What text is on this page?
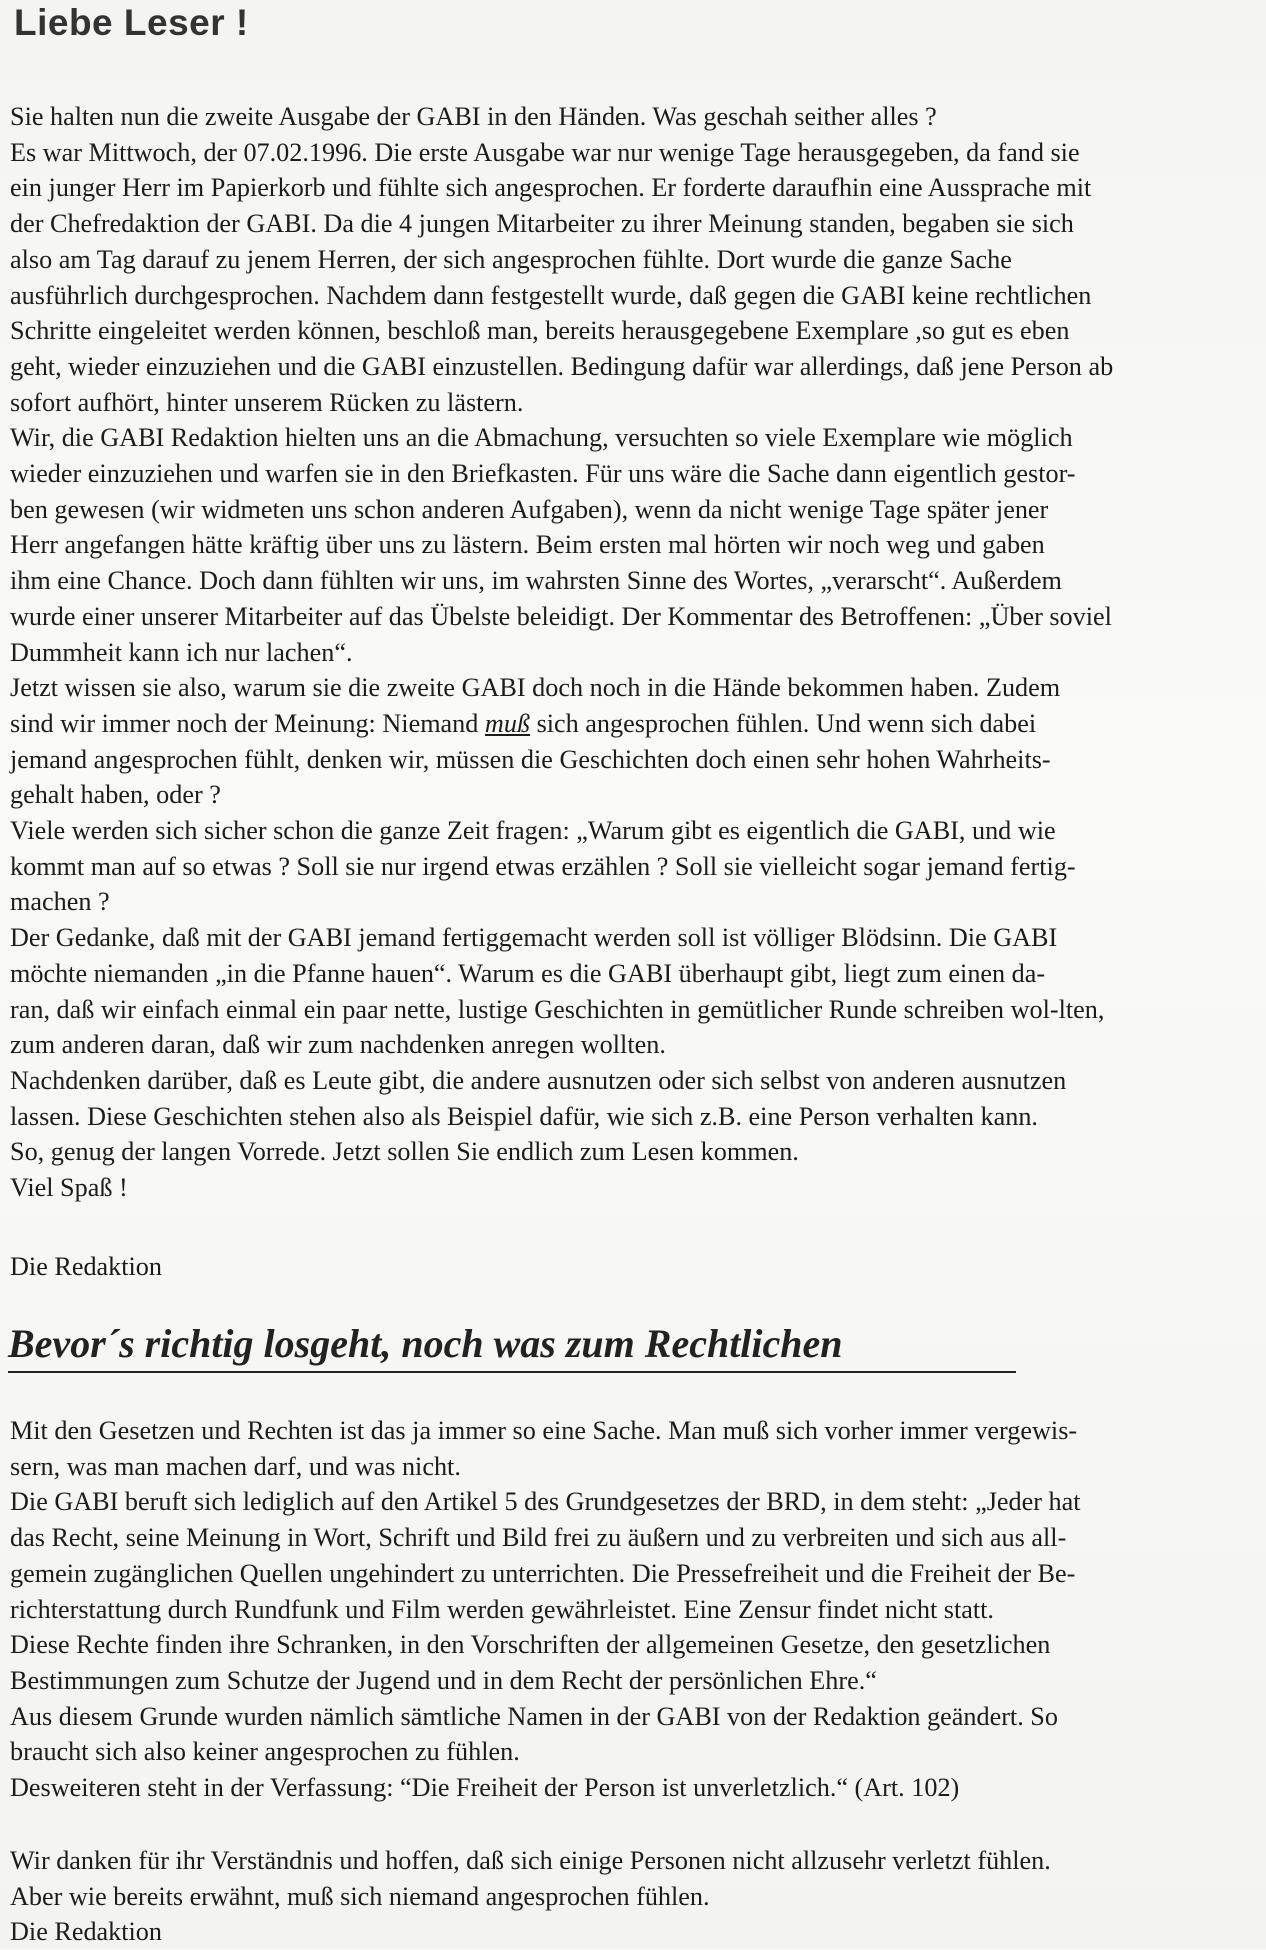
Liebe Leser !
Sie halten nun die zweite Ausgabe der GABI in den Händen. Was geschah seither alles ?
Es war Mittwoch, der 07.02.1996. Die erste Ausgabe war nur wenige Tage herausgegeben, da fand sie
ein junger Herr im Papierkorb und fühlte sich angesprochen. Er forderte daraufhin eine Aussprache mit
der Chefredaktion der GABI. Da die 4 jungen Mitarbeiter zu ihrer Meinung standen, begaben sie sich
also am Tag darauf zu jenem Herren, der sich angesprochen fühlte. Dort wurde die ganze Sache
ausführlich durchgesprochen. Nachdem dann festgestellt wurde, daß gegen die GABI keine rechtlichen
Schritte eingeleitet werden können, beschloß man, bereits herausgegebene Exemplare ,so gut es eben
geht, wieder einzuziehen und die GABI einzustellen. Bedingung dafür war allerdings, daß jene Person ab
sofort aufhört, hinter unserem Rücken zu lästern.
Wir, die GABI Redaktion hielten uns an die Abmachung, versuchten so viele Exemplare wie möglich
wieder einzuziehen und warfen sie in den Briefkasten. Für uns wäre die Sache dann eigentlich gestor-
ben gewesen (wir widmeten uns schon anderen Aufgaben), wenn da nicht wenige Tage später jener
Herr angefangen hätte kräftig über uns zu lästern. Beim ersten mal hörten wir noch weg und gaben
ihm eine Chance. Doch dann fühlten wir uns, im wahrsten Sinne des Wortes, „verarscht“. Außerdem
wurde einer unserer Mitarbeiter auf das Übelste beleidigt. Der Kommentar des Betroffenen: „Über soviel
Dummheit kann ich nur lachen“.
Jetzt wissen sie also, warum sie die zweite GABI doch noch in die Hände bekommen haben. Zudem
sind wir immer noch der Meinung: Niemand muß sich angesprochen fühlen. Und wenn sich dabei
jemand angesprochen fühlt, denken wir, müssen die Geschichten doch einen sehr hohen Wahrheits-
gehalt haben, oder ?
Viele werden sich sicher schon die ganze Zeit fragen: „Warum gibt es eigentlich die GABI, und wie
kommt man auf so etwas ? Soll sie nur irgend etwas erzählen ? Soll sie vielleicht sogar jemand fertig-
machen ?
Der Gedanke, daß mit der GABI jemand fertiggemacht werden soll ist völliger Blödsinn. Die GABI
möchte niemanden „in die Pfanne hauen“. Warum es die GABI überhaupt gibt, liegt zum einen da-
ran, daß wir einfach einmal ein paar nette, lustige Geschichten in gemütlicher Runde schreiben wol-lten,
zum anderen daran, daß wir zum nachdenken anregen wollten.
Nachdenken darüber, daß es Leute gibt, die andere ausnutzen oder sich selbst von anderen ausnutzen
lassen. Diese Geschichten stehen also als Beispiel dafür, wie sich z.B. eine Person verhalten kann.
So, genug der langen Vorrede. Jetzt sollen Sie endlich zum Lesen kommen.
Viel Spaß !
Die Redaktion
Bevor´s richtig losgeht, noch was zum Rechtlichen
Mit den Gesetzen und Rechten ist das ja immer so eine Sache. Man muß sich vorher immer vergewis-
sern, was man machen darf, und was nicht.
Die GABI beruft sich lediglich auf den Artikel 5 des Grundgesetzes der BRD, in dem steht: „Jeder hat
das Recht, seine Meinung in Wort, Schrift und Bild frei zu äußern und zu verbreiten und sich aus all-
gemein zugänglichen Quellen ungehindert zu unterrichten. Die Pressefreiheit und die Freiheit der Be-
richterstattung durch Rundfunk und Film werden gewährleistet. Eine Zensur findet nicht statt.
Diese Rechte finden ihre Schranken, in den Vorschriften der allgemeinen Gesetze, den gesetzlichen
Bestimmungen zum Schutze der Jugend und in dem Recht der persönlichen Ehre.“
Aus diesem Grunde wurden nämlich sämtliche Namen in der GABI von der Redaktion geändert. So
braucht sich also keiner angesprochen zu fühlen.
Desweiteren steht in der Verfassung: “Die Freiheit der Person ist unverletzlich.“ (Art. 102)
Wir danken für ihr Verständnis und hoffen, daß sich einige Personen nicht allzusehr verletzt fühlen.
Aber wie bereits erwähnt, muß sich niemand angesprochen fühlen.
Die Redaktion
